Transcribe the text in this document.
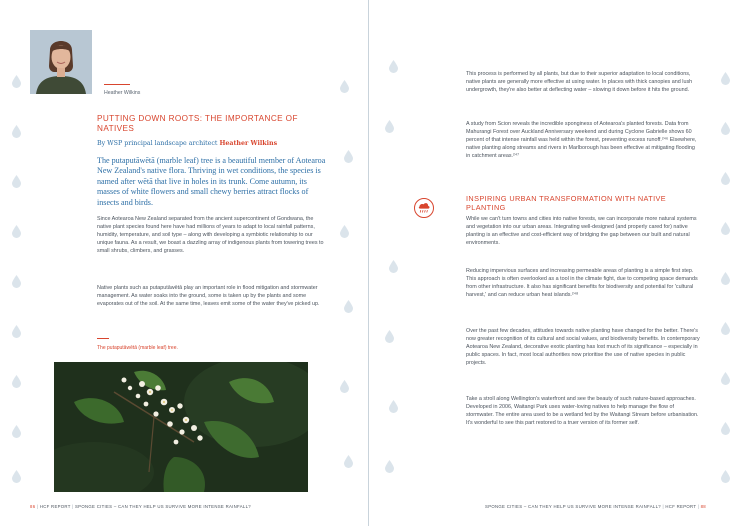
Heather Wilkins
PUTTING DOWN ROOTS: THE IMPORTANCE OF NATIVES
By WSP principal landscape architect Heather Wilkins
The putaputāwētā (marble leaf) tree is a beautiful member of Aotearoa New Zealand's native flora. Thriving in wet conditions, the species is named after wētā that live in holes in its trunk. Come autumn, its masses of white flowers and small chewy berries attract flocks of insects and birds.
Since Aotearoa New Zealand separated from the ancient supercontinent of Gondwana, the native plant species found here have had millions of years to adapt to local rainfall patterns, humidity, temperature, and soil type – along with developing a symbiotic relationship to our unique fauna. As a result, we boast a dazzling array of indigenous plants from towering trees to small shrubs, climbers, and grasses.
Native plants such as putaputāwētā play an important role in flood mitigation and stormwater management. As water soaks into the ground, some is taken up by the plants and some evaporates out of the soil. At the same time, leaves emit some of the water they've picked up.
The putaputāwētā (marble leaf) tree.
86 | HCF REPORT | SPONGE CITIES – CAN THEY HELP US SURVIVE MORE INTENSE RAINFALL?
This process is performed by all plants, but due to their superior adaptation to local conditions, native plants are generally more effective at using water. In places with thick canopies and lush undergrowth, they're also better at deflecting water – slowing it down before it hits the ground.
A study from Scion reveals the incredible sponginess of Aotearoa's planted forests. Data from Mahurangi Forest over Auckland Anniversary weekend and during Cyclone Gabrielle shows 60 percent of that intense rainfall was held within the forest, preventing excess runoff.²⁴⁶ Elsewhere, native planting along streams and rivers in Marlborough has been effective at mitigating flooding in catchment areas.²⁴⁷
INSPIRING URBAN TRANSFORMATION WITH NATIVE PLANTING
While we can't turn towns and cities into native forests, we can incorporate more natural systems and vegetation into our urban areas. Integrating well-designed (and properly cared for) native planting is an effective and cost-efficient way of bridging the gap between our built and natural environments.
Reducing impervious surfaces and increasing permeable areas of planting is a simple first step. This approach is often overlooked as a tool in the climate fight, due to competing space demands from other infrastructure. It also has significant benefits for biodiversity and potential for 'cultural harvest,' and can reduce urban heat islands.²⁴⁸
Over the past few decades, attitudes towards native planting have changed for the better. There's now greater recognition of its cultural and social values, and biodiversity benefits. In contemporary Aotearoa New Zealand, decorative exotic planting has lost much of its significance – especially in public spaces. In fact, most local authorities now prioritise the use of native species in public projects.
Take a stroll along Wellington's waterfront and see the beauty of such nature-based approaches. Developed in 2006, Waitangi Park uses water-loving natives to help manage the flow of stormwater. The entire area used to be a wetland fed by the Waitangi Stream before urbanisation. It's wonderful to see this part restored to a truer version of its former self.
SPONGE CITIES – CAN THEY HELP US SURVIVE MORE INTENSE RAINFALL? | HCF REPORT | 88
